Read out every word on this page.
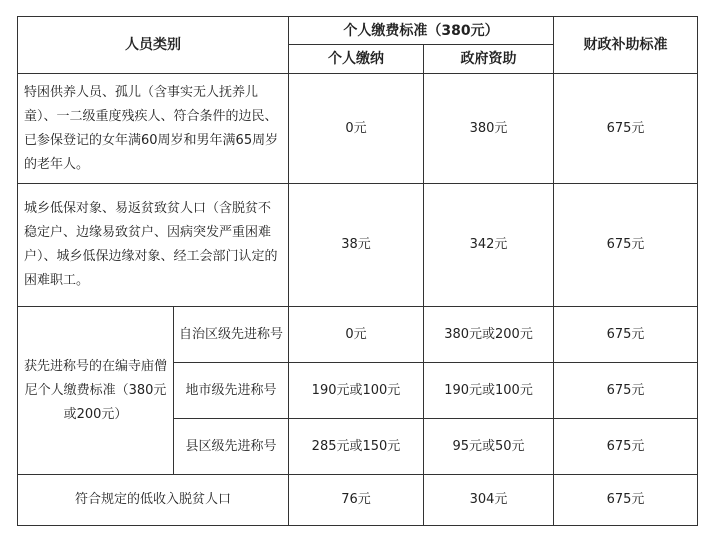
人员类别		个人缴费标准（380元）		财政补助标准
		个人缴纳	政府资助	
特困供养人员、孤儿（含事实无人抚养儿童）、一二级重度残疾人、符合条件的边民、已参保登记的女年满60周岁和男年满65周岁的老年人。		0元	380元	675元
城乡低保对象、易返贫致贫人口（含脱贫不稳定户、边缘易致贫户、因病突发严重困难户）、城乡低保边缘对象、经工会部门认定的困难职工。		38元	342元	675元
获先进称号的在编寺庙僧尼个人缴费标准（380元或200元）	自治区级先进称号	0元	380元或200元	675元
	地市级先进称号	190元或100元	190元或100元	675元
	县区级先进称号	285元或150元	95元或50元	675元
符合规定的低收入脱贫人口		76元	304元	675元
